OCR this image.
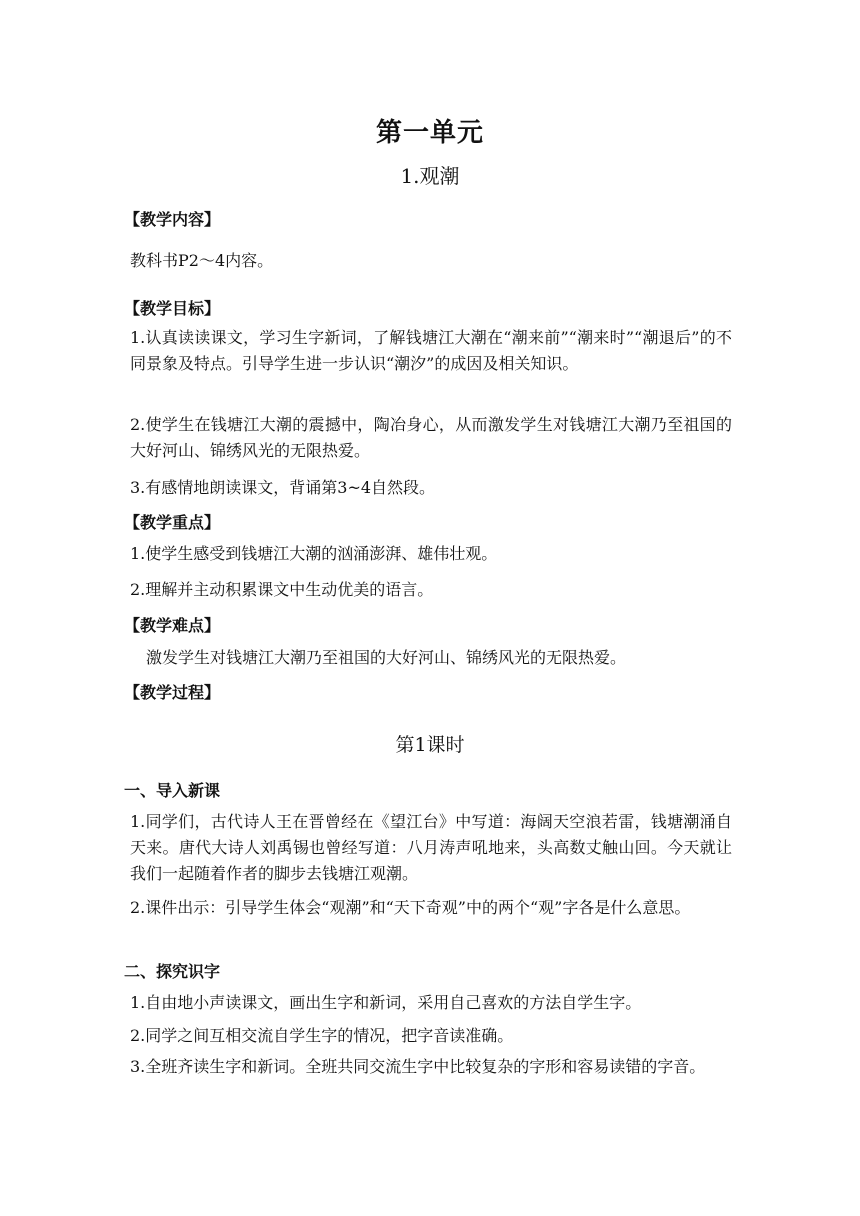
第一单元
1.观潮
【教学内容】
教科书P2～4内容。
【教学目标】
1.认真读读课文，学习生字新词，了解钱塘江大潮在“潮来前”“潮来时”“潮退后”的不同景象及特点。引导学生进一步认识“潮汐”的成因及相关知识。
2.使学生在钱塘江大潮的震撼中，陶冶身心，从而激发学生对钱塘江大潮乃至祖国的大好河山、锦绣风光的无限热爱。
3.有感情地朗读课文，背诵第3~4自然段。
【教学重点】
1.使学生感受到钱塘江大潮的汹涌澎湃、雄伟壮观。
2.理解并主动积累课文中生动优美的语言。
【教学难点】
激发学生对钱塘江大潮乃至祖国的大好河山、锦绣风光的无限热爱。
【教学过程】
第1课时
一、导入新课
1.同学们，古代诗人王在晋曾经在《望江台》中写道：海阔天空浪若雷，钱塘潮涌自天来。唐代大诗人刘禹锡也曾经写道：八月涛声吼地来，头高数丈触山回。今天就让我们一起随着作者的脚步去钱塘江观潮。
2.课件出示：引导学生体会“观潮”和“天下奇观”中的两个“观”字各是什么意思。
二、探究识字
1.自由地小声读课文，画出生字和新词，采用自己喜欢的方法自学生字。
2.同学之间互相交流自学生字的情况，把字音读准确。
3.全班齐读生字和新词。全班共同交流生字中比较复杂的字形和容易读错的字音。
